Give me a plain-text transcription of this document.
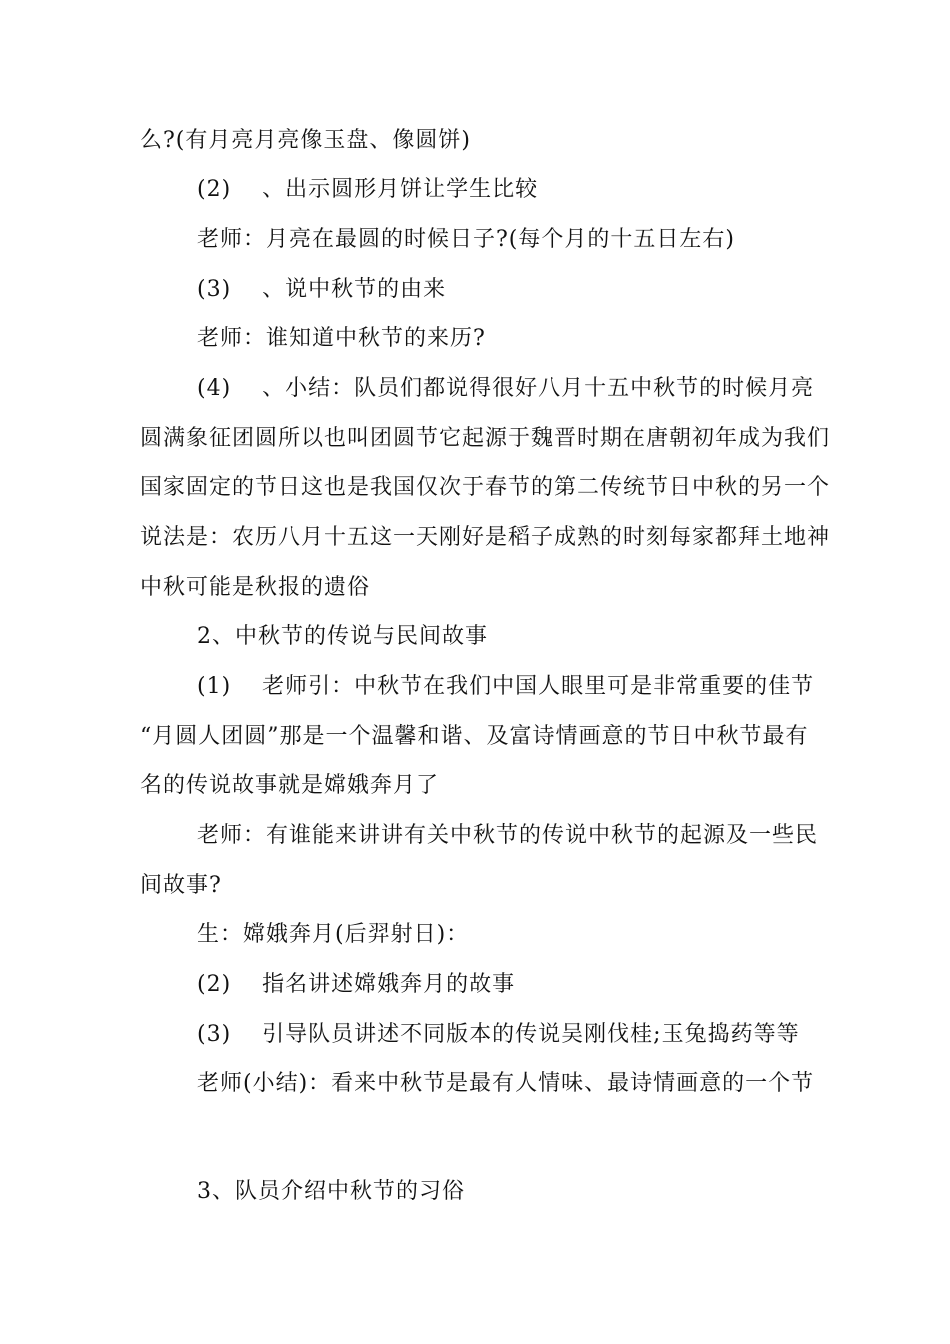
么?(有月亮月亮像玉盘、像圆饼)
(2)　 、出示圆形月饼让学生比较
老师：月亮在最圆的时候日子?(每个月的十五日左右)
(3)　 、说中秋节的由来
老师：谁知道中秋节的来历?
(4)　 、小结：队员们都说得很好八月十五中秋节的时候月亮
圆满象征团圆所以也叫团圆节它起源于魏晋时期在唐朝初年成为我们
国家固定的节日这也是我国仅次于春节的第二传统节日中秋的另一个
说法是：农历八月十五这一天刚好是稻子成熟的时刻每家都拜土地神
中秋可能是秋报的遗俗
2、中秋节的传说与民间故事
(1)　 老师引：中秋节在我们中国人眼里可是非常重要的佳节
“月圆人团圆”那是一个温馨和谐、及富诗情画意的节日中秋节最有
名的传说故事就是嫦娥奔月了
老师：有谁能来讲讲有关中秋节的传说中秋节的起源及一些民
间故事?
生：嫦娥奔月(后羿射日)：
(2)　 指名讲述嫦娥奔月的故事
(3)　 引导队员讲述不同版本的传说吴刚伐桂;玉兔捣药等等
老师(小结)：看来中秋节是最有人情味、最诗情画意的一个节
3、队员介绍中秋节的习俗
